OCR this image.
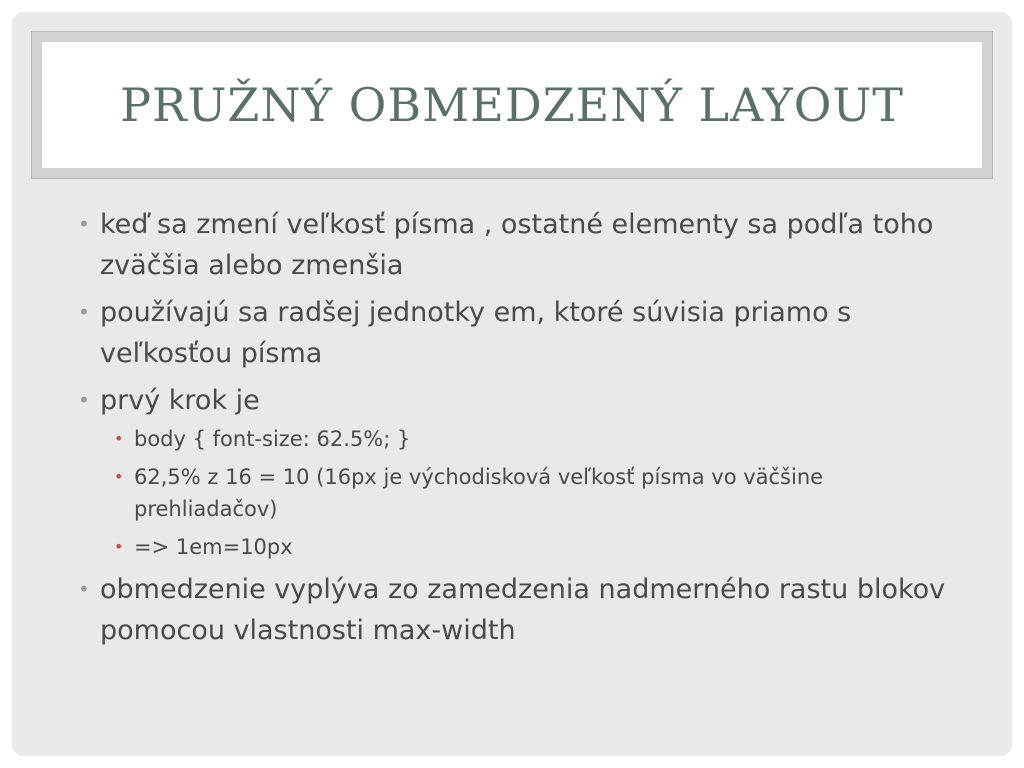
PRUŽNÝ OBMEDZENÝ LAYOUT
• keď sa zmení veľkosť písma , ostatné elementy sa podľa toho zväčšia alebo zmenšia
• používajú sa radšej jednotky em, ktoré súvisia priamo s veľkosťou písma
• prvý krok je
• body { font-size: 62.5%; }
• 62,5% z 16 = 10 (16px je východisková veľkosť písma vo väčšine prehliadačov)
• => 1em=10px
• obmedzenie vyplýva zo zamedzenia nadmerného rastu blokov pomocou vlastnosti max-width
